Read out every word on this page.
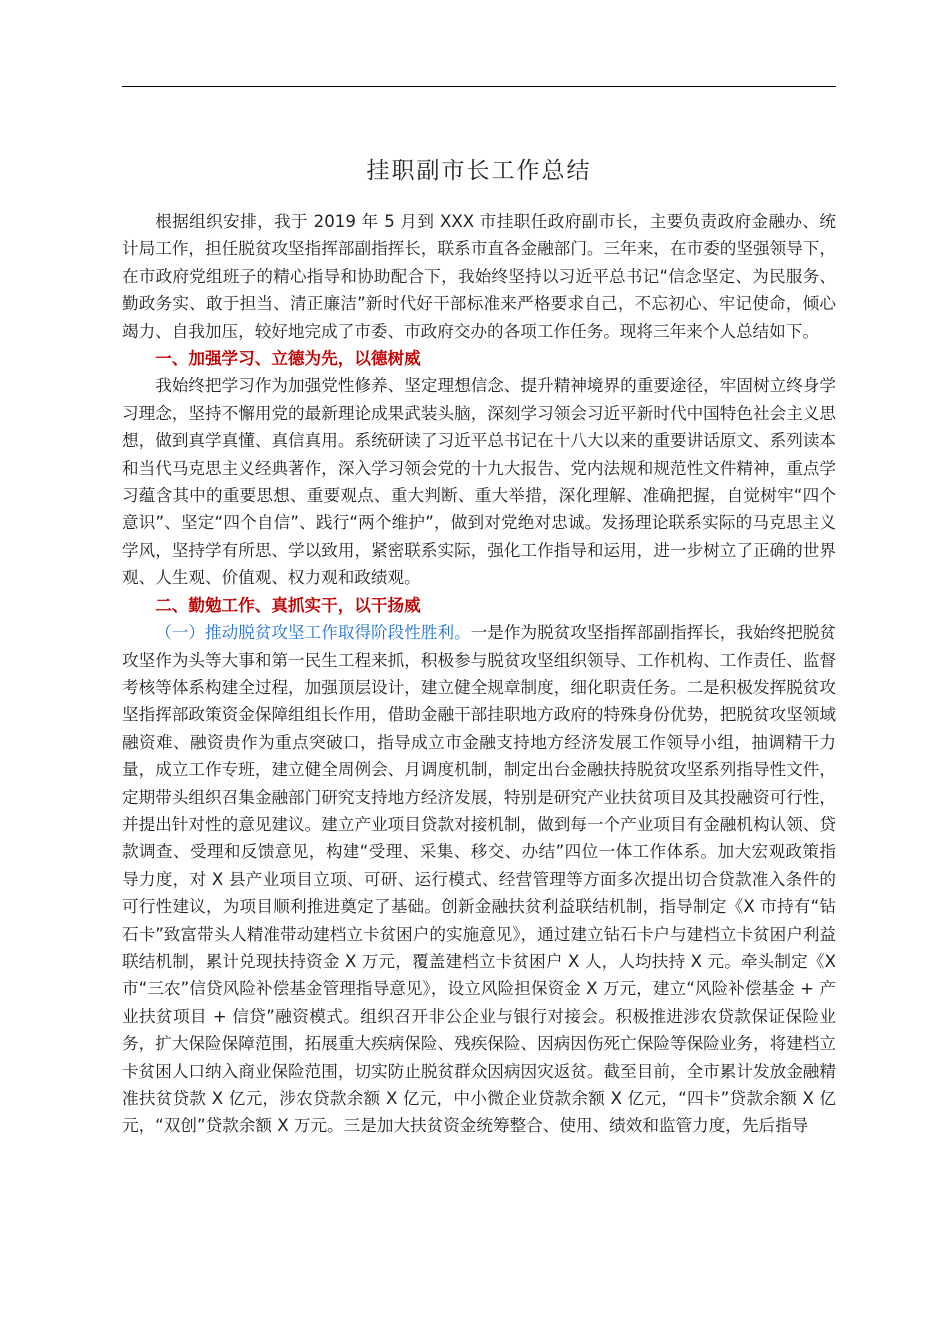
挂职副市长工作总结

根据组织安排，我于 2019 年 5 月到 XXX 市挂职任政府副市长，主要负责政府金融办、统计局工作，担任脱贫攻坚指挥部副指挥长，联系市直各金融部门。三年来，在市委的坚强领导下，在市政府党组班子的精心指导和协助配合下，我始终坚持以习近平总书记“信念坚定、为民服务、勤政务实、敢于担当、清正廉洁”新时代好干部标准来严格要求自己，不忘初心、牢记使命，倾心竭力、自我加压，较好地完成了市委、市政府交办的各项工作任务。现将三年来个人总结如下。

一、加强学习、立德为先，以德树威

我始终把学习作为加强党性修养、坚定理想信念、提升精神境界的重要途径，牢固树立终身学习理念，坚持不懈用党的最新理论成果武装头脑，深刻学习领会习近平新时代中国特色社会主义思想，做到真学真懂、真信真用。系统研读了习近平总书记在十八大以来的重要讲话原文、系列读本和当代马克思主义经典著作，深入学习领会党的十九大报告、党内法规和规范性文件精神，重点学习蕴含其中的重要思想、重要观点、重大判断、重大举措，深化理解、准确把握，自觉树牢“四个意识”、坚定“四个自信”、践行“两个维护”，做到对党绝对忠诚。发扬理论联系实际的马克思主义学风，坚持学有所思、学以致用，紧密联系实际，强化工作指导和运用，进一步树立了正确的世界观、人生观、价值观、权力观和政绩观。

二、勤勉工作、真抓实干，以干扬威

（一）推动脱贫攻坚工作取得阶段性胜利。一是作为脱贫攻坚指挥部副指挥长，我始终把脱贫攻坚作为头等大事和第一民生工程来抓，积极参与脱贫攻坚组织领导、工作机构、工作责任、监督考核等体系构建全过程，加强顶层设计，建立健全规章制度，细化职责任务。二是积极发挥脱贫攻坚指挥部政策资金保障组组长作用，借助金融干部挂职地方政府的特殊身份优势，把脱贫攻坚领域融资难、融资贵作为重点突破口，指导成立市金融支持地方经济发展工作领导小组，抽调精干力量，成立工作专班，建立健全周例会、月调度机制，制定出台金融扶持脱贫攻坚系列指导性文件，定期带头组织召集金融部门研究支持地方经济发展，特别是研究产业扶贫项目及其投融资可行性，并提出针对性的意见建议。建立产业项目贷款对接机制，做到每一个产业项目有金融机构认领、贷款调查、受理和反馈意见，构建“受理、采集、移交、办结”四位一体工作体系。加大宏观政策指导力度，对 X 县产业项目立项、可研、运行模式、经营管理等方面多次提出切合贷款准入条件的可行性建议，为项目顺利推进奠定了基础。创新金融扶贫利益联结机制，指导制定《X 市持有“钻石卡”致富带头人精准带动建档立卡贫困户的实施意见》，通过建立钻石卡户与建档立卡贫困户利益联结机制，累计兑现扶持资金 X 万元，覆盖建档立卡贫困户 X 人，人均扶持 X 元。牵头制定《X 市“三农”信贷风险补偿基金管理指导意见》，设立风险担保资金 X 万元，建立“风险补偿基金 + 产业扶贫项目 + 信贷”融资模式。组织召开非公企业与银行对接会。积极推进涉农贷款保证保险业务，扩大保险保障范围，拓展重大疾病保险、残疾保险、因病因伤死亡保险等保险业务，将建档立卡贫困人口纳入商业保险范围，切实防止脱贫群众因病因灾返贫。截至目前，全市累计发放金融精准扶贫贷款 X 亿元，涉农贷款余额 X 亿元，中小微企业贷款余额 X 亿元，“四卡”贷款余额 X 亿元，“双创”贷款余额 X 万元。三是加大扶贫资金统筹整合、使用、绩效和监管力度，先后指导
